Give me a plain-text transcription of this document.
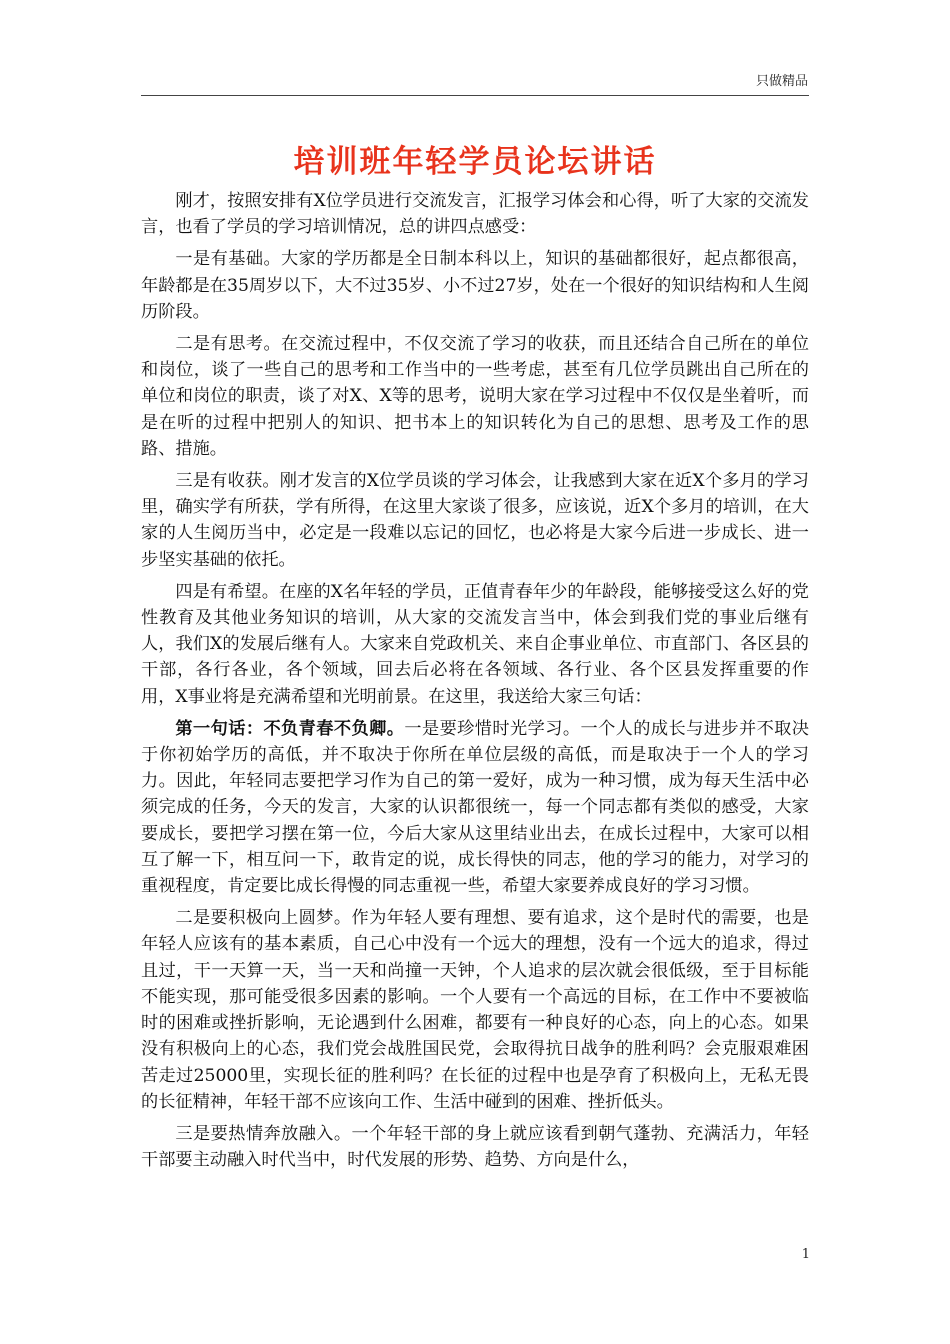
只做精品
培训班年轻学员论坛讲话

刚才，按照安排有X位学员进行交流发言，汇报学习体会和心得，听了大家的交流发言，也看了学员的学习培训情况，总的讲四点感受：

一是有基础。大家的学历都是全日制本科以上，知识的基础都很好，起点都很高，年龄都是在35周岁以下，大不过35岁、小不过27岁，处在一个很好的知识结构和人生阅历阶段。

二是有思考。在交流过程中，不仅交流了学习的收获，而且还结合自己所在的单位和岗位，谈了一些自己的思考和工作当中的一些考虑，甚至有几位学员跳出自己所在的单位和岗位的职责，谈了对X、X等的思考，说明大家在学习过程中不仅仅是坐着听，而是在听的过程中把别人的知识、把书本上的知识转化为自己的思想、思考及工作的思路、措施。

三是有收获。刚才发言的X位学员谈的学习体会，让我感到大家在近X个多月的学习里，确实学有所获，学有所得，在这里大家谈了很多，应该说，近X个多月的培训，在大家的人生阅历当中，必定是一段难以忘记的回忆，也必将是大家今后进一步成长、进一步坚实基础的依托。

四是有希望。在座的X名年轻的学员，正值青春年少的年龄段，能够接受这么好的党性教育及其他业务知识的培训，从大家的交流发言当中，体会到我们党的事业后继有人，我们X的发展后继有人。大家来自党政机关、来自企事业单位、市直部门、各区县的干部，各行各业，各个领域，回去后必将在各领域、各行业、各个区县发挥重要的作用，X事业将是充满希望和光明前景。在这里，我送给大家三句话：

第一句话：不负青春不负卿。一是要珍惜时光学习。一个人的成长与进步并不取决于你初始学历的高低，并不取决于你所在单位层级的高低，而是取决于一个人的学习力。因此，年轻同志要把学习作为自己的第一爱好，成为一种习惯，成为每天生活中必须完成的任务，今天的发言，大家的认识都很统一，每一个同志都有类似的感受，大家要成长，要把学习摆在第一位，今后大家从这里结业出去，在成长过程中，大家可以相互了解一下，相互问一下，敢肯定的说，成长得快的同志，他的学习的能力，对学习的重视程度，肯定要比成长得慢的同志重视一些，希望大家要养成良好的学习习惯。

二是要积极向上圆梦。作为年轻人要有理想、要有追求，这个是时代的需要，也是年轻人应该有的基本素质，自己心中没有一个远大的理想，没有一个远大的追求，得过且过，干一天算一天，当一天和尚撞一天钟，个人追求的层次就会很低级，至于目标能不能实现，那可能受很多因素的影响。一个人要有一个高远的目标，在工作中不要被临时的困难或挫折影响，无论遇到什么困难，都要有一种良好的心态，向上的心态。如果没有积极向上的心态，我们党会战胜国民党，会取得抗日战争的胜利吗？会克服艰难困苦走过25000里，实现长征的胜利吗？在长征的过程中也是孕育了积极向上，无私无畏的长征精神，年轻干部不应该向工作、生活中碰到的困难、挫折低头。

三是要热情奔放融入。一个年轻干部的身上就应该看到朝气蓬勃、充满活力，年轻干部要主动融入时代当中，时代发展的形势、趋势、方向是什么，

1
